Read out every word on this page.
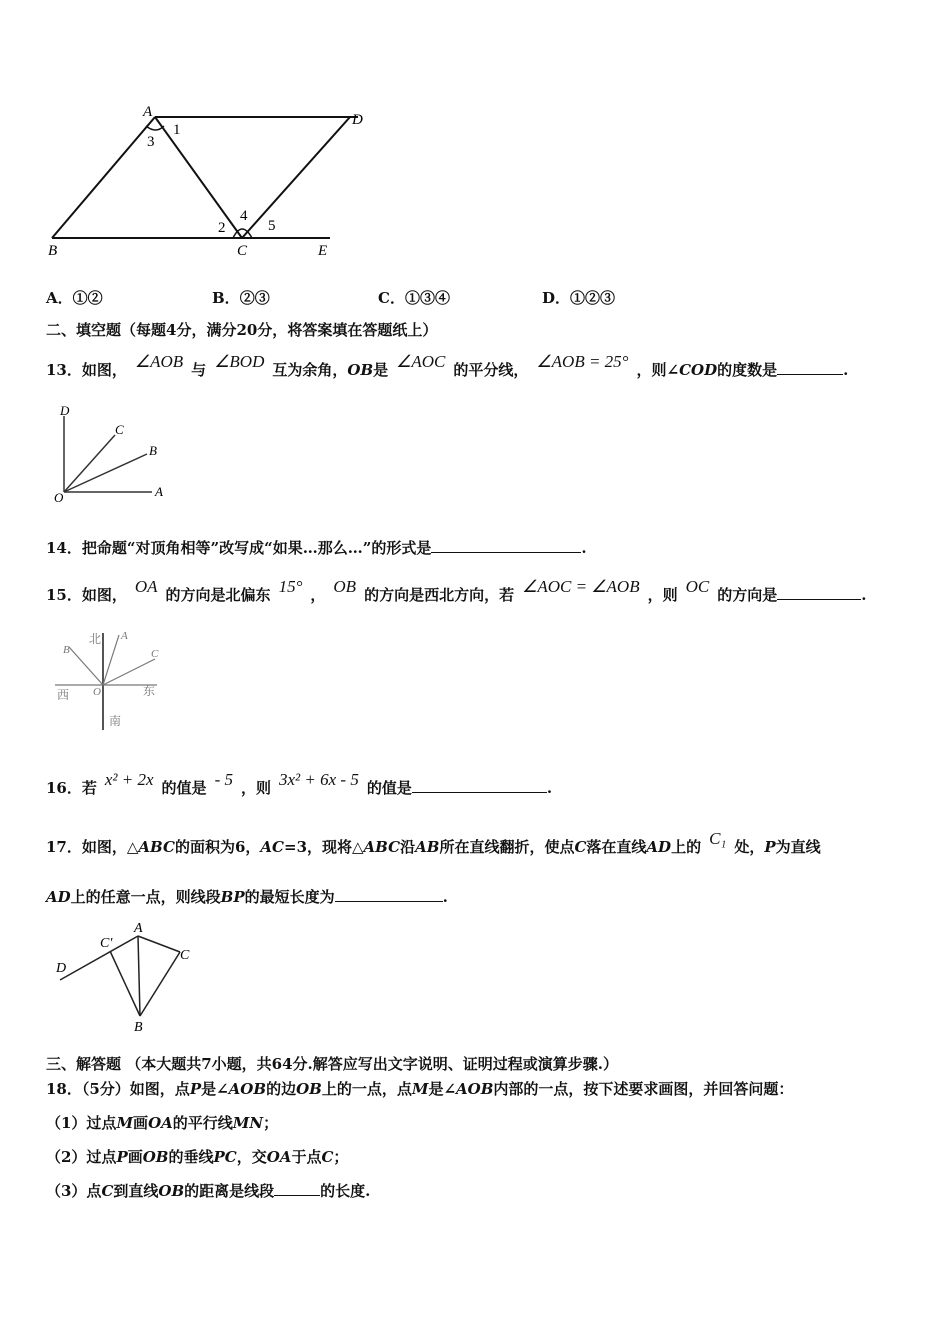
A	D
B	C	E
1
3
2
4
5
A．①②	B．②③	C．①③④	D．①②③
二、填空题（每题4分，满分20分，将答案填在答题纸上）
13．如图， ∠AOB 与 ∠BOD 互为余角，OB是 ∠AOC 的平分线， ∠AOB = 25° ，则∠COD的度数是	.
D
C
B
O	A
14．把命题“对顶角相等”改写成“如果…那么…”的形式是	.
15．如图， OA 的方向是北偏东 15° ， OB 的方向是西北方向，若 ∠AOC = ∠AOB ，则 OC 的方向是	.
北 A
B	C
西 O	东
南
16．若 x² + 2x 的值是 - 5 ，则 3x² + 6x - 5 的值是	.
17．如图，△ABC的面积为6，AC=3，现将△ABC沿AB所在直线翻折，使点C落在直线AD上的 C₁ 处，P为直线
AD上的任意一点，则线段BP的最短长度为	.
A
C′
C
D
B
三、解答题 （本大题共7小题，共64分.解答应写出文字说明、证明过程或演算步骤.）
18．（5分）如图，点P是∠AOB的边OB上的一点，点M是∠AOB内部的一点，按下述要求画图，并回答问题：
（1）过点M画OA的平行线MN；
（2）过点P画OB的垂线PC，交OA于点C；
（3）点C到直线OB的距离是线段	的长度.
